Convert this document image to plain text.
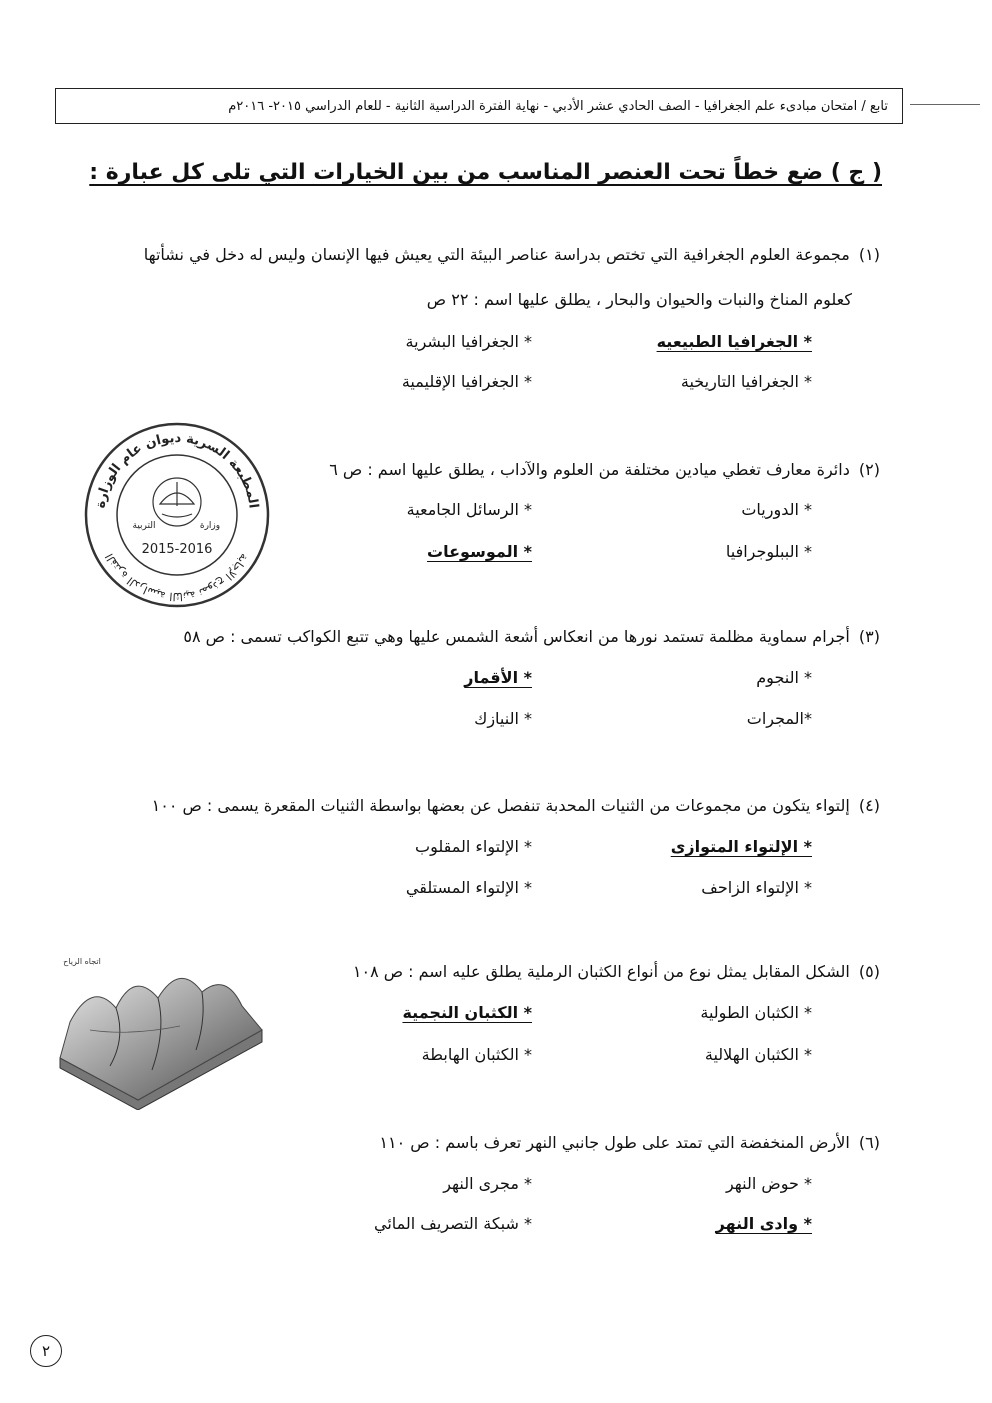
تابع / امتحان مبادىء علم الجغرافيا - الصف الحادي عشر الأدبي - نهاية الفترة الدراسية الثانية - للعام الدراسي ٢٠١٥- ٢٠١٦م
( ج ) ضع خطاً تحت العنصر المناسب من بين الخيارات التي تلى كل عبارة :
(١) مجموعة العلوم الجغرافية التي تختص بدراسة عناصر البيئة التي يعيش فيها الإنسان وليس له دخل في نشأتها
كعلوم المناخ والنبات والحيوان والبحار ، يطلق عليها اسم : ٢٢ ص
* الجغرافيا الطبيعيه
* الجغرافيا البشرية
* الجغرافيا التاريخية
* الجغرافيا الإقليمية
(٢) دائرة معارف تغطي ميادين مختلفة من العلوم والآداب ، يطلق عليها اسم : ص ٦
* الدوريات
* الرسائل الجامعية
* الببلوجرافيا
* الموسوعات
(٣) أجرام سماوية مظلمة تستمد نورها من انعكاس أشعة الشمس عليها وهي تتبع الكواكب تسمى : ص ٥٨
* النجوم
* الأقمار
*المجرات
* النيازك
(٤) إلتواء يتكون من مجموعات من الثنيات المحدبة تنفصل عن بعضها بواسطة الثنيات المقعرة يسمى : ص ١٠٠
* الإلتواء المتوازى
* الإلتواء المقلوب
* الإلتواء الزاحف
* الإلتواء المستلقي
(٥) الشكل المقابل يمثل نوع من أنواع الكثبان الرملية يطلق عليه اسم : ص ١٠٨
* الكثبان الطولية
* الكثبان النجمية
* الكثبان الهلالية
* الكثبان الهابطة
(٦) الأرض المنخفضة التي تمتد على طول جانبي النهر تعرف باسم : ص ١١٠
* حوض النهر
* مجرى النهر
* وادى النهر
* شبكة التصريف المائي
المطبعة السرية ديوان عام الوزارة
الفترة الدراسية الثانية نموذج الإجابة
التربية	وزارة
2015-2016
اتجاه الرياح
٢
